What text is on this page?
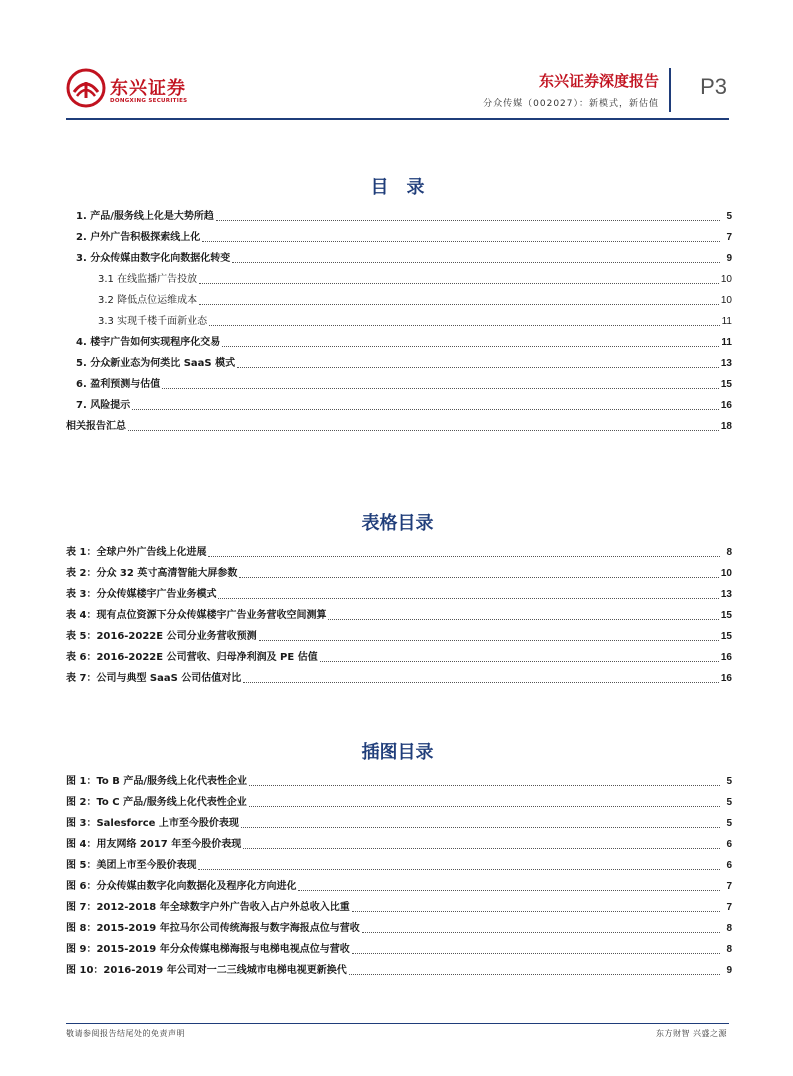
东兴证券
DONGXING SECURITIES
东兴证券深度报告
分众传媒（002027）：新模式，新估值
P3
目　录
1. 产品/服务线上化是大势所趋	5
2. 户外广告积极探索线上化	7
3. 分众传媒由数字化向数据化转变	9
3.1 在线监播广告投放	10
3.2 降低点位运维成本	10
3.3 实现千楼千面新业态	11
4. 楼宇广告如何实现程序化交易	11
5. 分众新业态为何类比 SaaS 模式	13
6. 盈利预测与估值	15
7. 风险提示	16
相关报告汇总	18
表格目录
表 1：全球户外广告线上化进展	8
表 2：分众 32 英寸高清智能大屏参数	10
表 3：分众传媒楼宇广告业务模式	13
表 4：现有点位资源下分众传媒楼宇广告业务营收空间测算	15
表 5：2016-2022E 公司分业务营收预测	15
表 6：2016-2022E 公司营收、归母净利润及 PE 估值	16
表 7：公司与典型 SaaS 公司估值对比	16
插图目录
图 1：To B 产品/服务线上化代表性企业	5
图 2：To C 产品/服务线上化代表性企业	5
图 3：Salesforce 上市至今股价表现	5
图 4：用友网络 2017 年至今股价表现	6
图 5：美团上市至今股价表现	6
图 6：分众传媒由数字化向数据化及程序化方向进化	7
图 7：2012-2018 年全球数字户外广告收入占户外总收入比重	7
图 8：2015-2019 年拉马尔公司传统海报与数字海报点位与营收	8
图 9：2015-2019 年分众传媒电梯海报与电梯电视点位与营收	8
图 10：2016-2019 年公司对一二三线城市电梯电视更新换代	9
敬请参阅报告结尾处的免责声明	东方财智 兴盛之源
